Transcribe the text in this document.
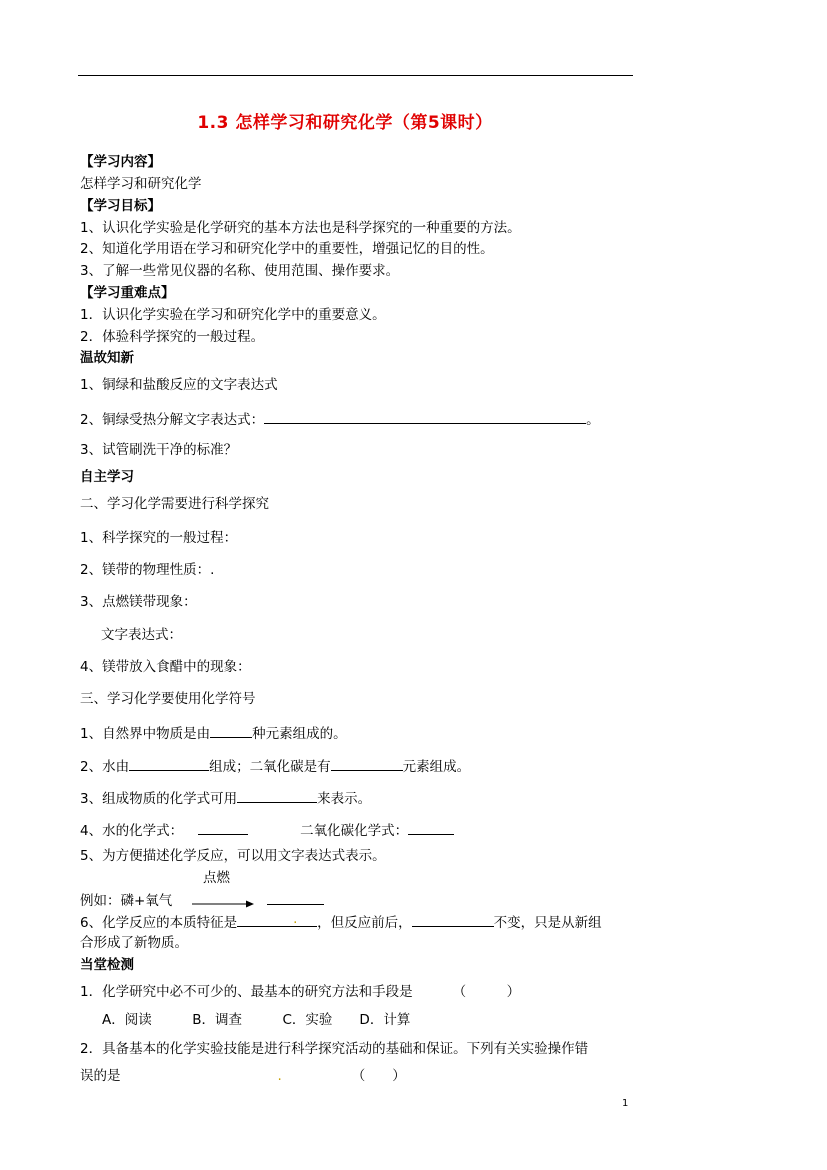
1.3 怎样学习和研究化学（第5课时）
【学习内容】
怎样学习和研究化学
【学习目标】
1、认识化学实验是化学研究的基本方法也是科学探究的一种重要的方法。
2、知道化学用语在学习和研究化学中的重要性，增强记忆的目的性。
3、了解一些常见仪器的名称、使用范围、操作要求。
【学习重难点】
1．认识化学实验在学习和研究化学中的重要意义。
2．体验科学探究的一般过程。
温故知新
1、铜绿和盐酸反应的文字表达式
2、铜绿受热分解文字表达式：	。
3、试管刷洗干净的标准？
自主学习
二、学习化学需要进行科学探究
1、科学探究的一般过程：
2、镁带的物理性质：.
3、点燃镁带现象：
文字表达式：
4、镁带放入食醋中的现象：
三、学习化学要使用化学符号
1、自然界中物质是由	种元素组成的。
2、水由	组成；二氧化碳是有	元素组成。
3、组成物质的化学式可用	来表示。
4、水的化学式：	二氧化碳化学式：
5、为方便描述化学反应，可以用文字表达式表示。
点燃
例如：磷+氧气
6、化学反应的本质特征是	. ，但反应前后，	不变，只是从新组
合形成了新物质。
当堂检测
1．化学研究中必不可少的、最基本的研究方法和手段是	（　　　）
A．阅读　　　B．调查　　　C．实验　　D．计算
2．具备基本的化学实验技能是进行科学探究活动的基础和保证。下列有关实验操作错
误的是	.	（　　）
1
